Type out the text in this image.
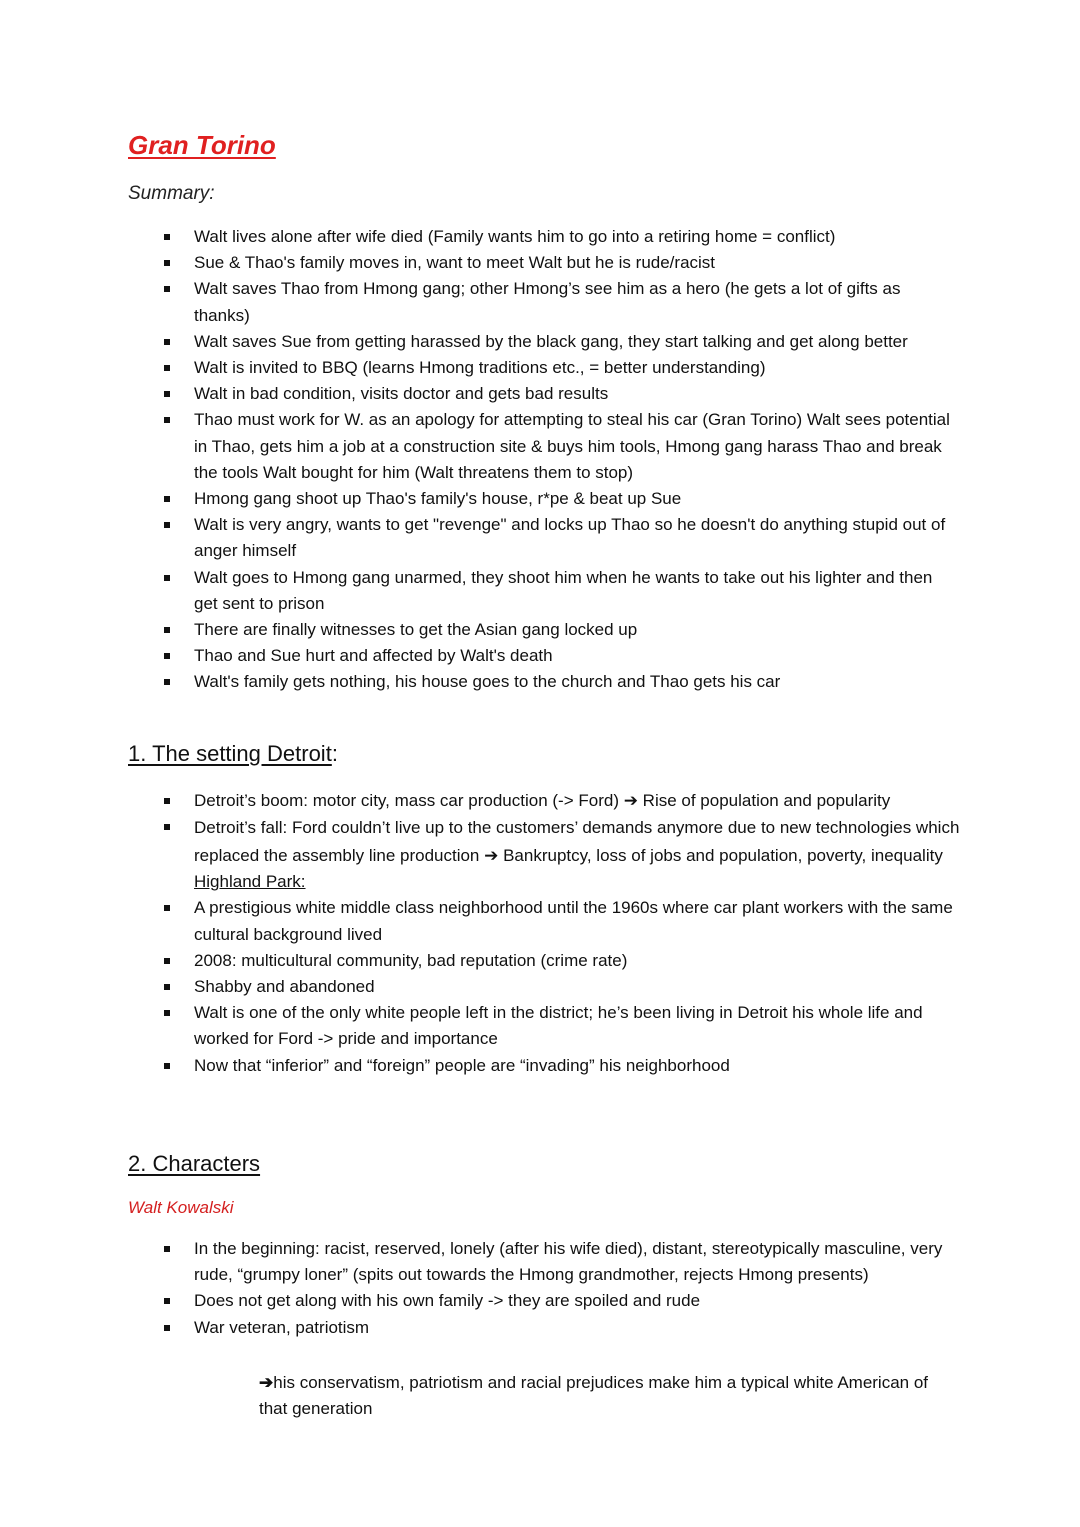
Gran Torino
Summary:
Walt lives alone after wife died (Family wants him to go into a retiring home = conflict)
Sue & Thao's family moves in, want to meet Walt but he is rude/racist
Walt saves Thao from Hmong gang; other Hmong’s see him as a hero (he gets a lot of gifts as thanks)
Walt saves Sue from getting harassed by the black gang, they start talking and get along better
Walt is invited to BBQ (learns Hmong traditions etc., = better understanding)
Walt in bad condition, visits doctor and gets bad results
Thao must work for W. as an apology for attempting to steal his car (Gran Torino) Walt sees potential in Thao, gets him a job at a construction site & buys him tools, Hmong gang harass Thao and break the tools Walt bought for him (Walt threatens them to stop)
Hmong gang shoot up Thao's family's house, r*pe & beat up Sue
Walt is very angry, wants to get "revenge" and locks up Thao so he doesn't do anything stupid out of anger himself
Walt goes to Hmong gang unarmed, they shoot him when he wants to take out his lighter and then get sent to prison
There are finally witnesses to get the Asian gang locked up
Thao and Sue hurt and affected by Walt's death
Walt's family gets nothing, his house goes to the church and Thao gets his car
1. The setting Detroit:
Detroit’s boom: motor city, mass car production (-> Ford) ➔ Rise of population and popularity
Detroit’s fall: Ford couldn’t live up to the customers’ demands anymore due to new technologies which replaced the assembly line production ➔ Bankruptcy, loss of jobs and population, poverty, inequality
Highland Park:
A prestigious white middle class neighborhood until the 1960s where car plant workers with the same cultural background lived
2008: multicultural community, bad reputation (crime rate)
Shabby and abandoned
Walt is one of the only white people left in the district; he’s been living in Detroit his whole life and worked for Ford -> pride and importance
Now that “inferior” and “foreign” people are “invading” his neighborhood
2. Characters
Walt Kowalski
In the beginning: racist, reserved, lonely (after his wife died), distant, stereotypically masculine, very rude, “grumpy loner” (spits out towards the Hmong grandmother, rejects Hmong presents)
Does not get along with his own family -> they are spoiled and rude
War veteran, patriotism
➔his conservatism, patriotism and racial prejudices make him a typical white American of that generation
